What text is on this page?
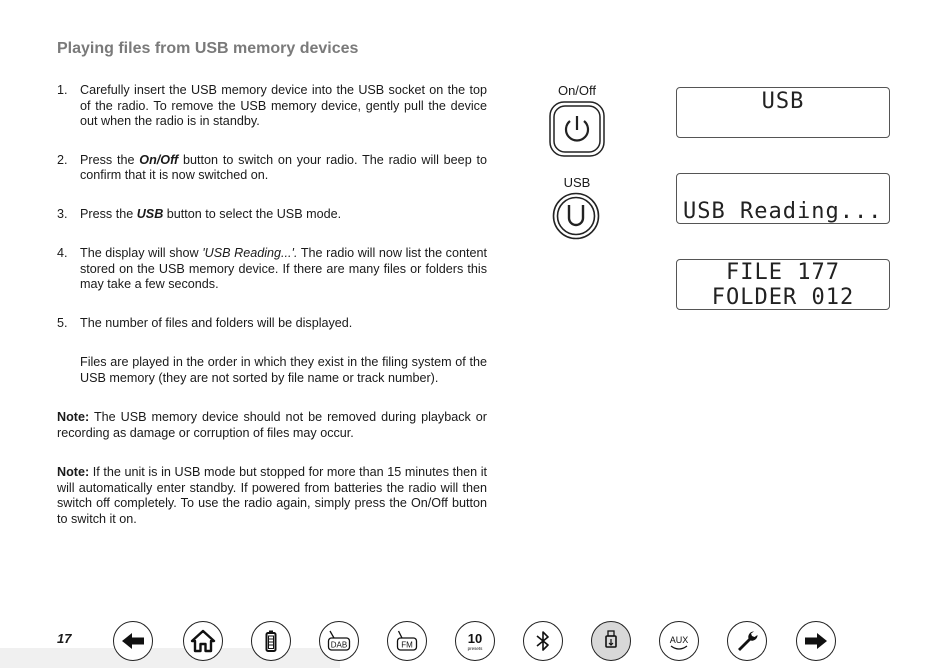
Playing files from USB memory devices
1. Carefully insert the USB memory device into the USB socket on the top of the radio. To remove the USB memory device, gently pull the device out when the radio is in standby.
2. Press the On/Off button to switch on your radio. The radio will beep to confirm that it is now switched on.
3. Press the USB button to select the USB mode.
4. The display will show 'USB Reading...'. The radio will now list the content stored on the USB memory device. If there are many files or folders this may take a few seconds.
5. The number of files and folders will be displayed.
Files are played in the order in which they exist in the filing system of the USB memory (they are not sorted by file name or track number).
Note: The USB memory device should not be removed during playback or recording as damage or corruption of files may occur.
Note: If the unit is in USB mode but stopped for more than 15 minutes then it will automatically enter standby. If powered from batteries the radio will then switch off completely. To use the radio again, simply press the On/Off button to switch it on.
On/Off
USB
USB
USB Reading...
FILE 177
FOLDER 012
17	DAB	FM	10
presets
AUX
